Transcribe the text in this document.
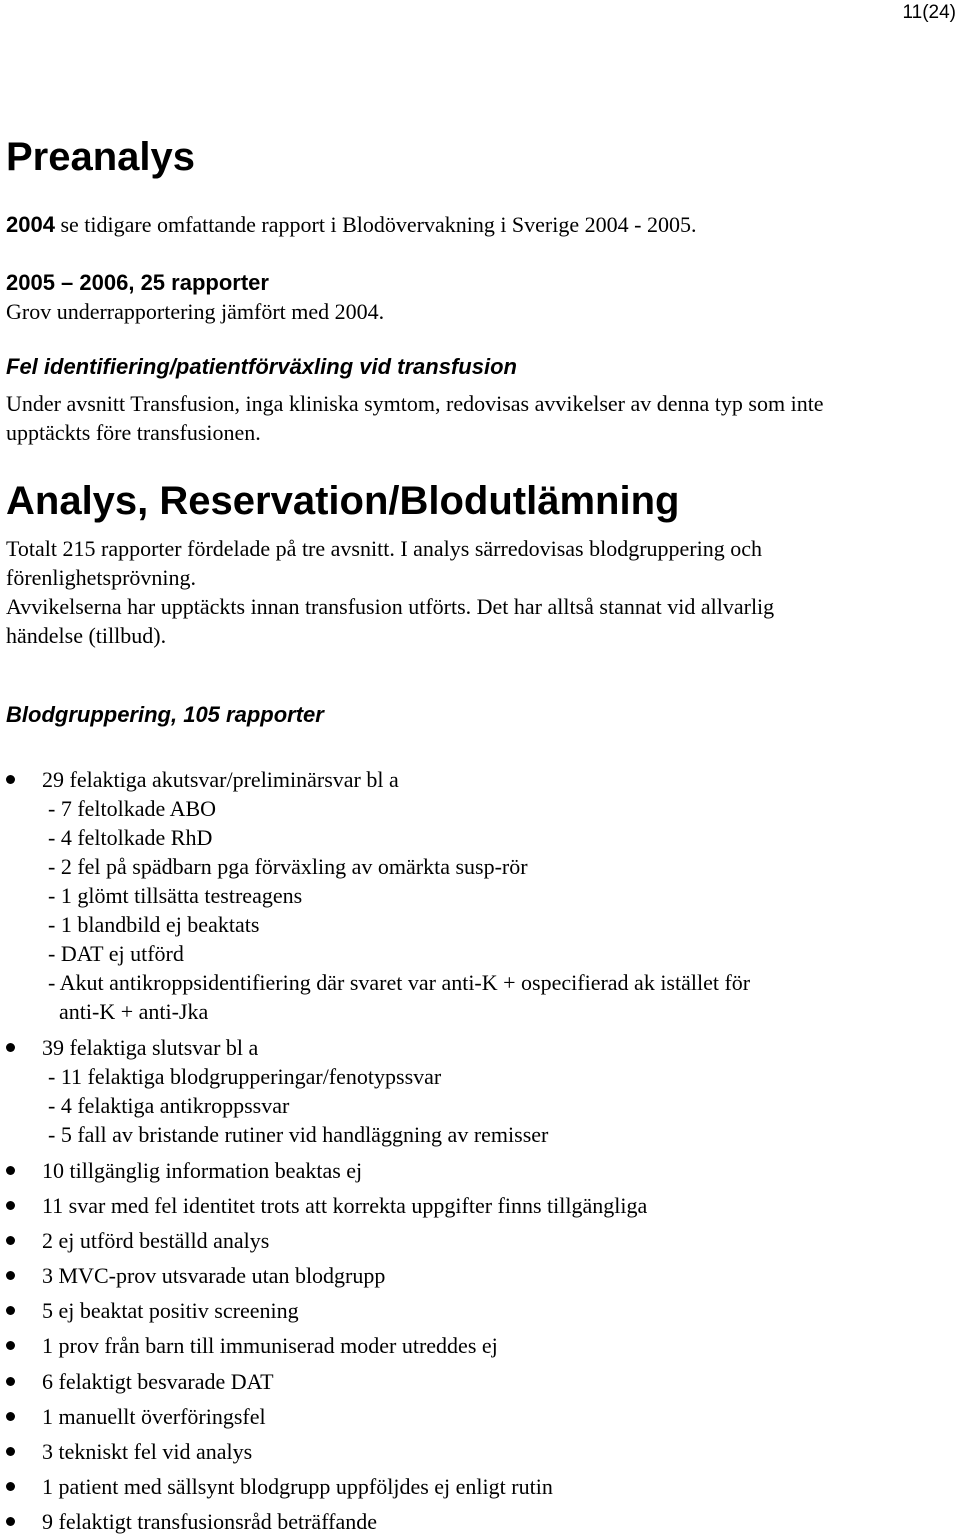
11(24)
Preanalys
2004 se tidigare omfattande rapport i Blodövervakning i Sverige 2004 - 2005.
2005 – 2006, 25 rapporter
Grov underrapportering jämfört med 2004.
Fel identifiering/patientförväxling vid transfusion
Under avsnitt Transfusion, inga kliniska symtom, redovisas avvikelser av denna typ som inte
upptäckts före transfusionen.
Analys, Reservation/Blodutlämning
Totalt 215 rapporter fördelade på tre avsnitt. I analys särredovisas blodgruppering och
förenlighetsprövning.
Avvikelserna har upptäckts innan transfusion utförts. Det har alltså stannat vid allvarlig
händelse (tillbud).
Blodgruppering, 105 rapporter
29 felaktiga akutsvar/preliminärsvar bl a
- 7 feltolkade ABO
- 4 feltolkade RhD
- 2 fel på spädbarn pga förväxling av omärkta susp-rör
- 1 glömt tillsätta testreagens
- 1 blandbild ej beaktats
- DAT ej utförd
- Akut antikroppsidentifiering där svaret var anti-K + ospecifierad ak istället för
anti-K + anti-Jka
39 felaktiga slutsvar bl a
- 11 felaktiga blodgrupperingar/fenotypssvar
- 4 felaktiga antikroppssvar
- 5 fall av bristande rutiner vid handläggning av remisser
10 tillgänglig information beaktas ej
11 svar med fel identitet trots att korrekta uppgifter finns tillgängliga
2 ej utförd beställd analys
3 MVC-prov utsvarade utan blodgrupp
5 ej beaktat positiv screening
1 prov från barn till immuniserad moder utreddes ej
6 felaktigt besvarade DAT
1 manuellt överföringsfel
3 tekniskt fel vid analys
1 patient med sällsynt blodgrupp uppföljdes ej enligt rutin
9 felaktigt transfusionsråd beträffande
